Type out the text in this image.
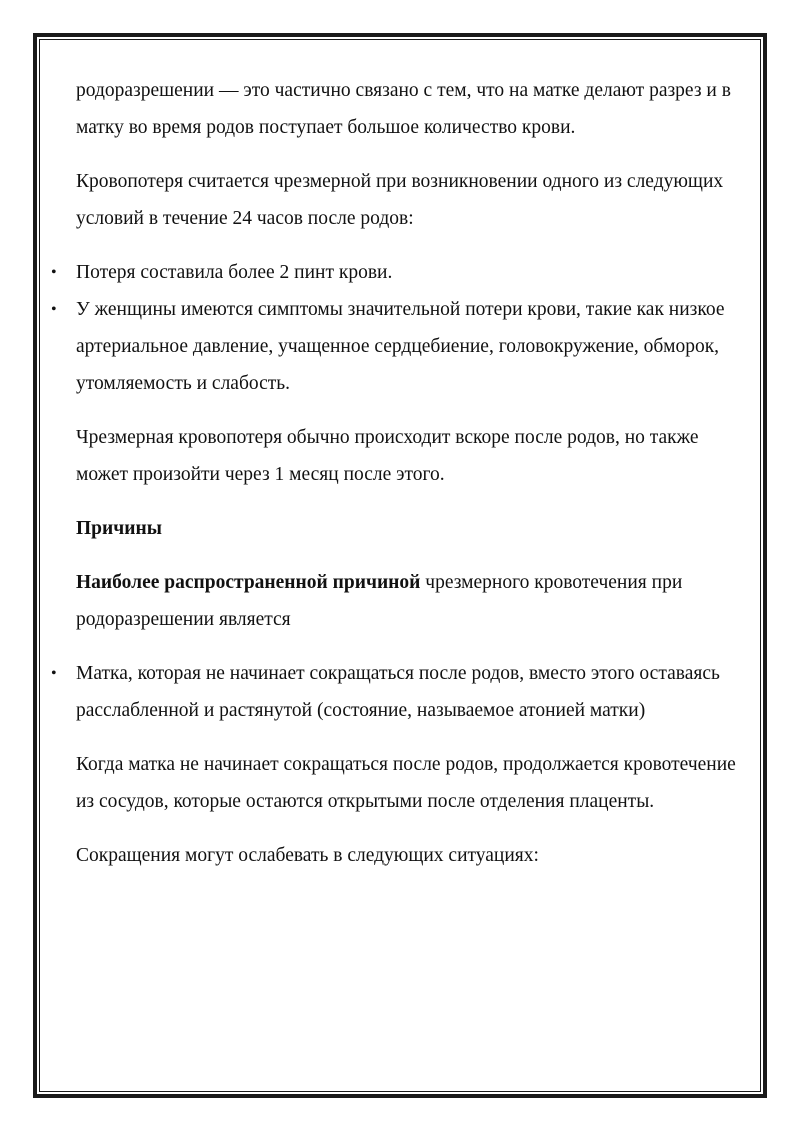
родоразрешении — это частично связано с тем, что на матке делают разрез и в матку во время родов поступает большое количество крови.

Кровопотеря считается чрезмерной при возникновении одного из следующих условий в течение 24 часов после родов:

• Потеря составила более 2 пинт крови.
• У женщины имеются симптомы значительной потери крови, такие как низкое артериальное давление, учащенное сердцебиение, головокружение, обморок, утомляемость и слабость.

Чрезмерная кровопотеря обычно происходит вскоре после родов, но также может произойти через 1 месяц после этого.

Причины

Наиболее распространенной причиной чрезмерного кровотечения при родоразрешении является

• Матка, которая не начинает сокращаться после родов, вместо этого оставаясь расслабленной и растянутой (состояние, называемое атонией матки)

Когда матка не начинает сокращаться после родов, продолжается кровотечение из сосудов, которые остаются открытыми после отделения плаценты.

Сокращения могут ослабевать в следующих ситуациях:
